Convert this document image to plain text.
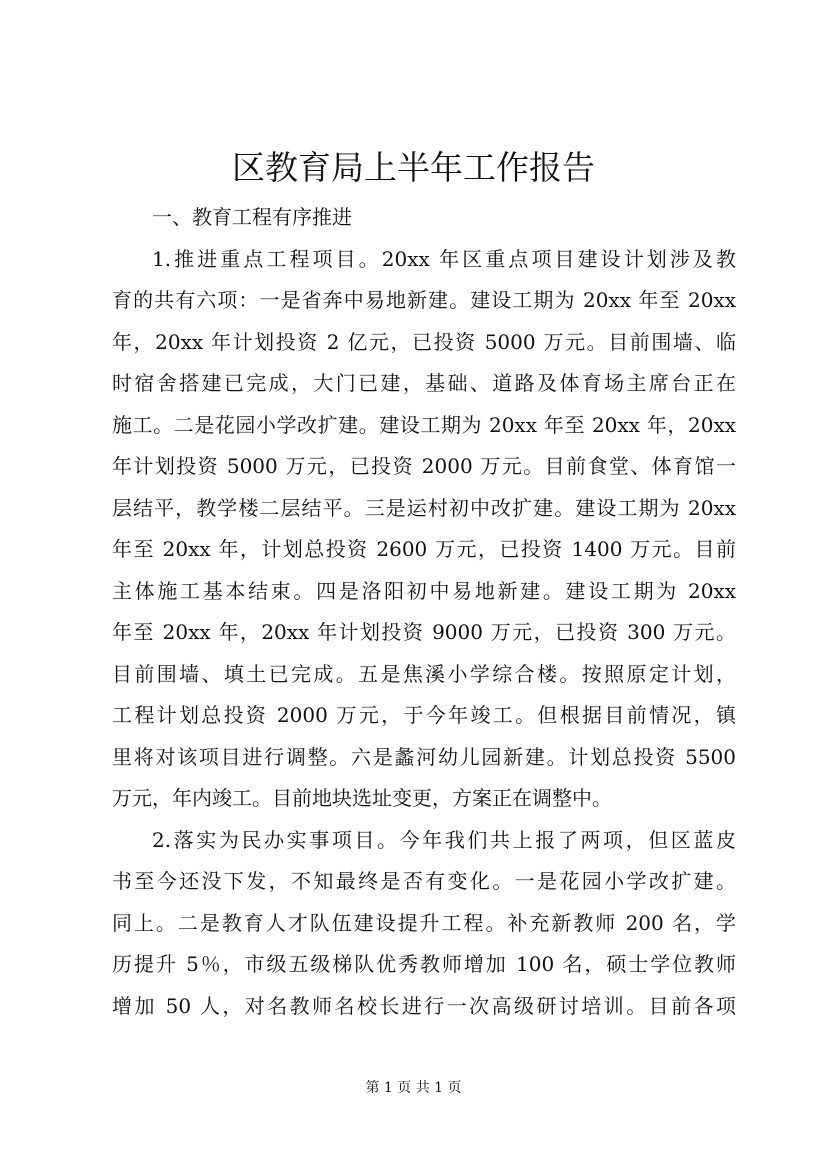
区教育局上半年工作报告
一、教育工程有序推进
1.推进重点工程项目。20xx 年区重点项目建设计划涉及教
育的共有六项：一是省奔中易地新建。建设工期为 20xx 年至 20xx
年，20xx 年计划投资 2 亿元，已投资 5000 万元。目前围墙、临
时宿舍搭建已完成，大门已建，基础、道路及体育场主席台正在
施工。二是花园小学改扩建。建设工期为 20xx 年至 20xx 年，20xx
年计划投资 5000 万元，已投资 2000 万元。目前食堂、体育馆一
层结平，教学楼二层结平。三是运村初中改扩建。建设工期为 20xx
年至 20xx 年，计划总投资 2600 万元，已投资 1400 万元。目前
主体施工基本结束。四是洛阳初中易地新建。建设工期为 20xx
年至 20xx 年，20xx 年计划投资 9000 万元，已投资 300 万元。
目前围墙、填土已完成。五是焦溪小学综合楼。按照原定计划，
工程计划总投资 2000 万元，于今年竣工。但根据目前情况，镇
里将对该项目进行调整。六是蠡河幼儿园新建。计划总投资 5500
万元，年内竣工。目前地块选址变更，方案正在调整中。
2.落实为民办实事项目。今年我们共上报了两项，但区蓝皮
书至今还没下发，不知最终是否有变化。一是花园小学改扩建。
同上。二是教育人才队伍建设提升工程。补充新教师 200 名，学
历提升 5％，市级五级梯队优秀教师增加 100 名，硕士学位教师
增加 50 人，对名教师名校长进行一次高级研讨培训。目前各项
第 1 页 共 1 页
